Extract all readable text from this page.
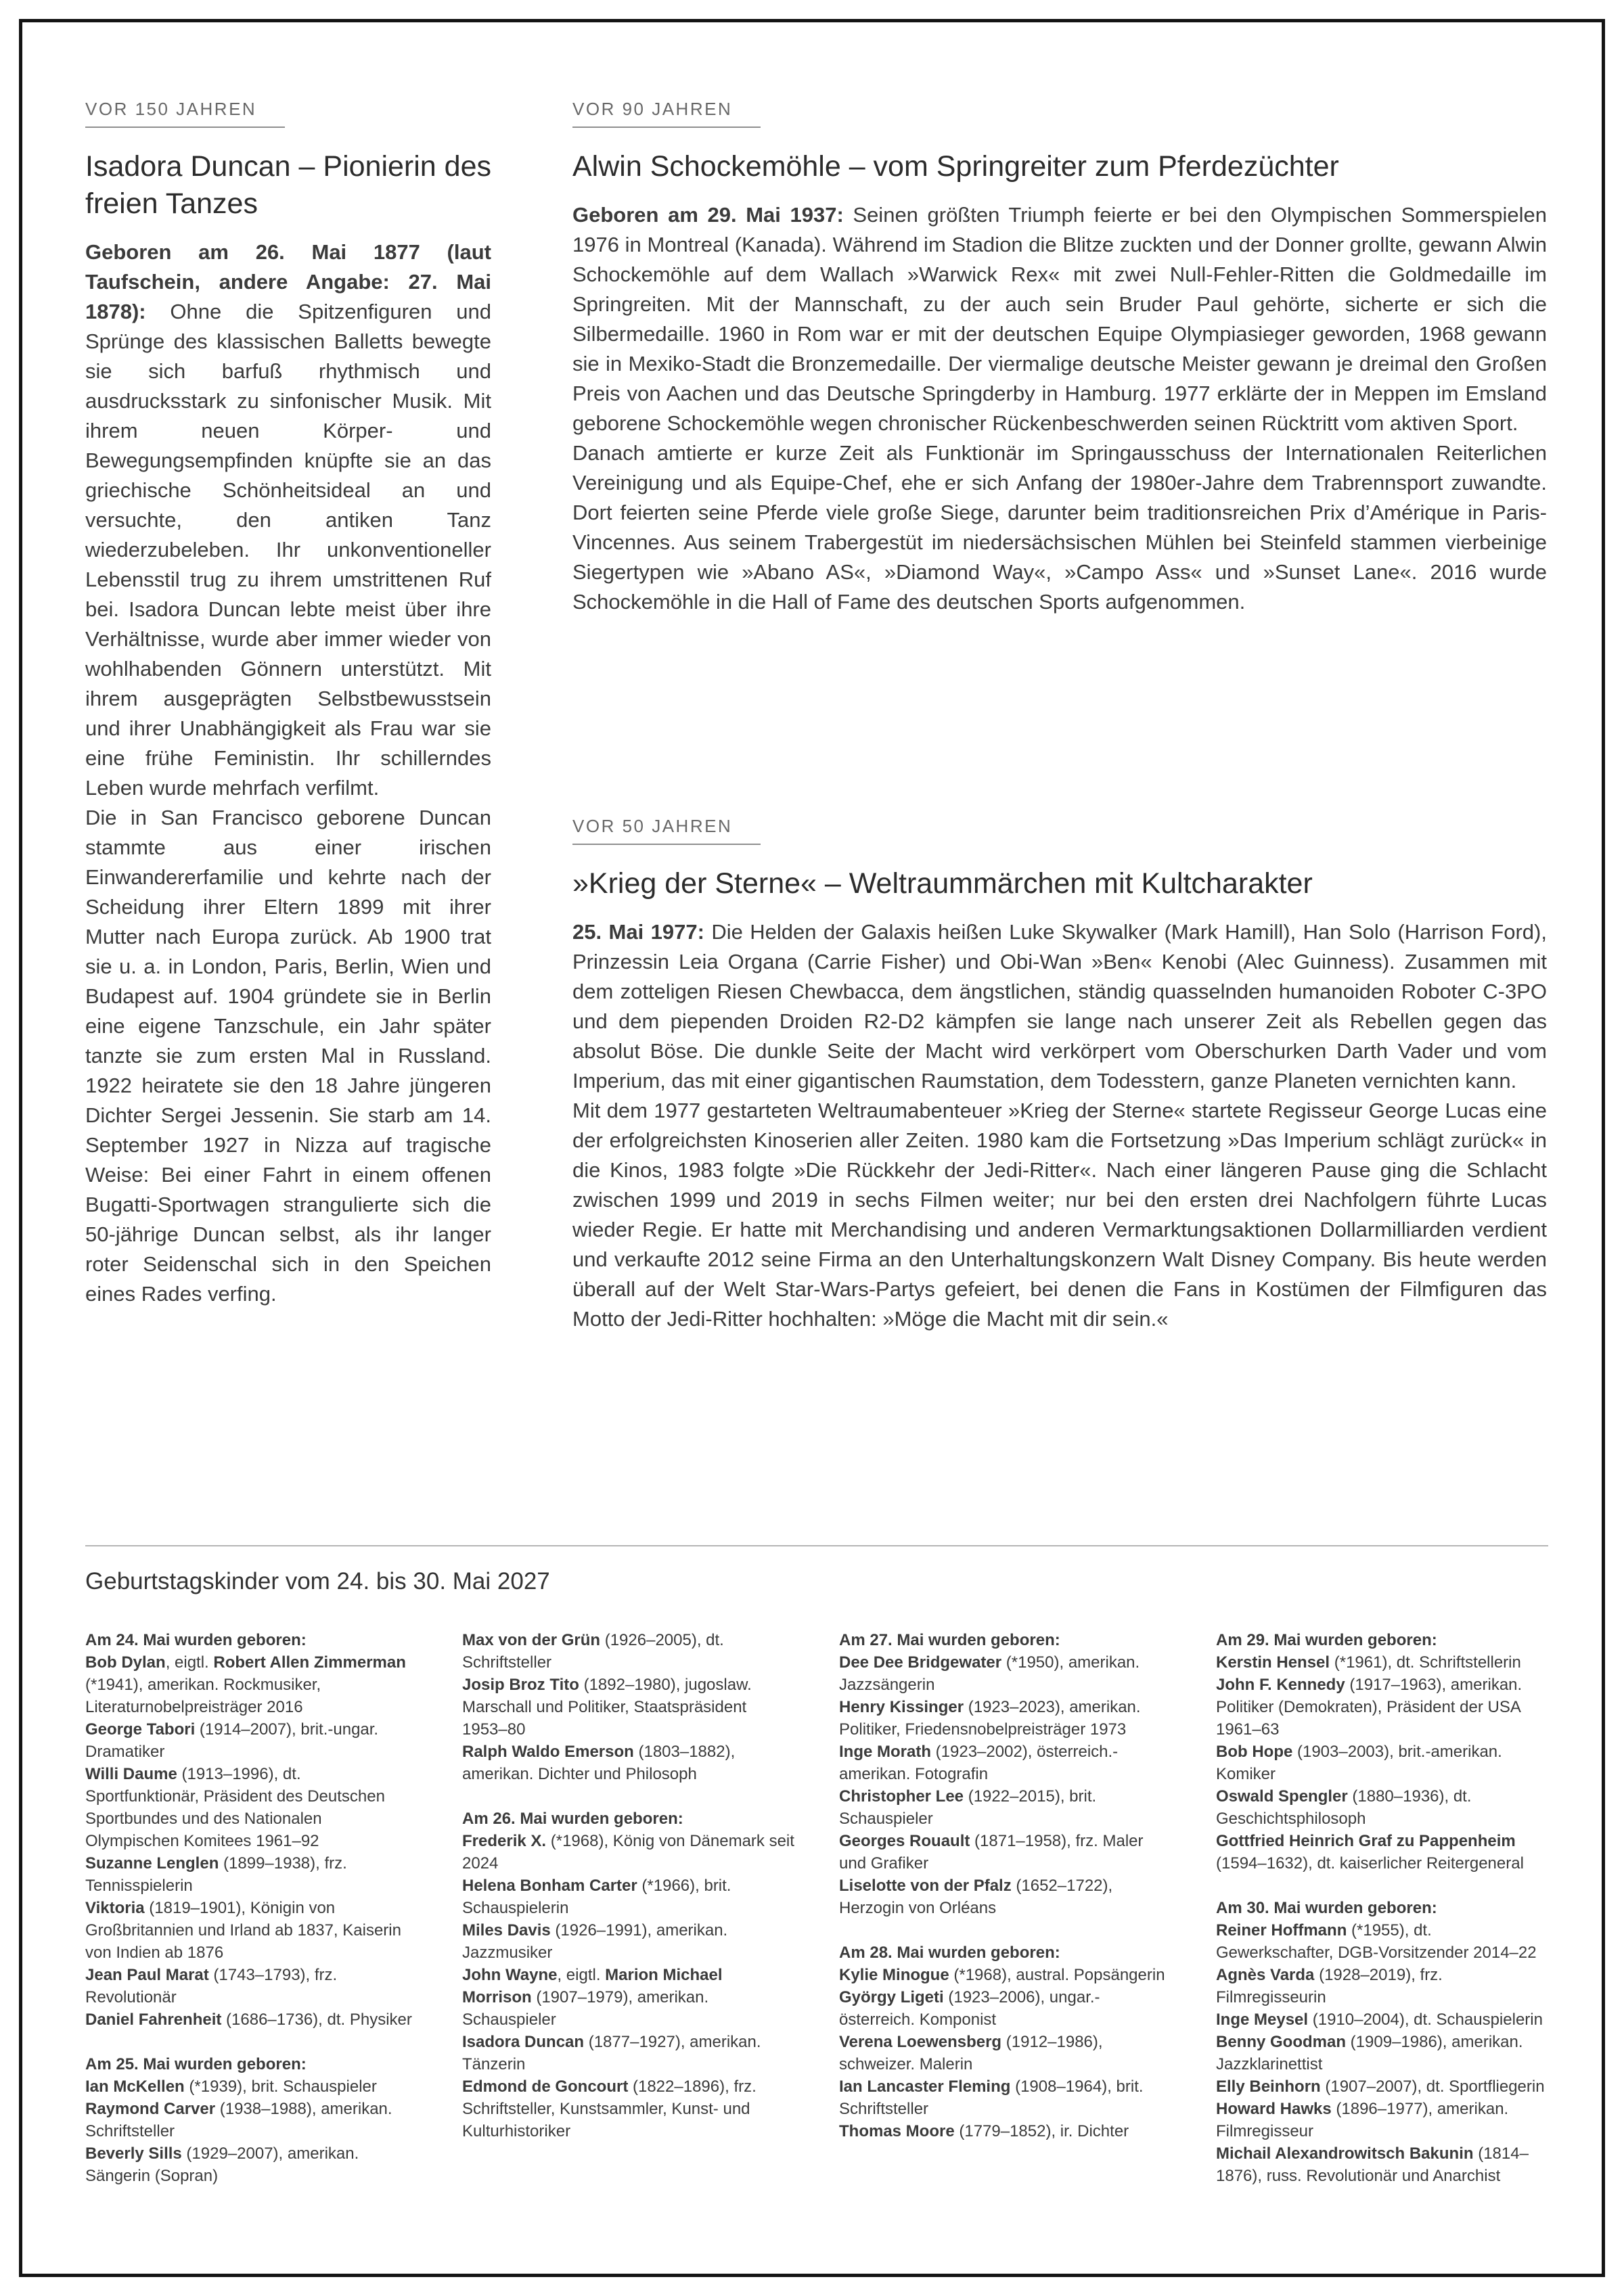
VOR 150 JAHREN
Isadora Duncan – Pionierin des freien Tanzes

Geboren am 26. Mai 1877 (laut Taufschein, andere Angabe: 27. Mai 1878): Ohne die Spitzenfiguren und Sprünge des klassischen Balletts bewegte sie sich barfuß rhythmisch und ausdrucksstark zu sinfonischer Musik. Mit ihrem neuen Körper- und Bewegungsempfinden knüpfte sie an das griechische Schönheitsideal an und versuchte, den antiken Tanz wiederzubeleben. Ihr unkonventioneller Lebensstil trug zu ihrem umstrittenen Ruf bei. Isadora Duncan lebte meist über ihre Verhältnisse, wurde aber immer wieder von wohlhabenden Gönnern unterstützt. Mit ihrem ausgeprägten Selbstbewusstsein und ihrer Unabhängigkeit als Frau war sie eine frühe Feministin. Ihr schillerndes Leben wurde mehrfach verfilmt.

Die in San Francisco geborene Duncan stammte aus einer irischen Einwandererfamilie und kehrte nach der Scheidung ihrer Eltern 1899 mit ihrer Mutter nach Europa zurück. Ab 1900 trat sie u. a. in London, Paris, Berlin, Wien und Budapest auf. 1904 gründete sie in Berlin eine eigene Tanzschule, ein Jahr später tanzte sie zum ersten Mal in Russland. 1922 heiratete sie den 18 Jahre jüngeren Dichter Sergei Jessenin. Sie starb am 14. September 1927 in Nizza auf tragische Weise: Bei einer Fahrt in einem offenen Bugatti-Sportwagen strangulierte sich die 50-jährige Duncan selbst, als ihr langer roter Seidenschal sich in den Speichen eines Rades verfing.

VOR 90 JAHREN
Alwin Schockemöhle – vom Springreiter zum Pferdezüchter

Geboren am 29. Mai 1937: Seinen größten Triumph feierte er bei den Olympischen Sommerspielen 1976 in Montreal (Kanada). Während im Stadion die Blitze zuckten und der Donner grollte, gewann Alwin Schockemöhle auf dem Wallach »Warwick Rex« mit zwei Null-Fehler-Ritten die Goldmedaille im Springreiten. Mit der Mannschaft, zu der auch sein Bruder Paul gehörte, sicherte er sich die Silbermedaille. 1960 in Rom war er mit der deutschen Equipe Olympiasieger geworden, 1968 gewann sie in Mexiko-Stadt die Bronzemedaille. Der viermalige deutsche Meister gewann je dreimal den Großen Preis von Aachen und das Deutsche Springderby in Hamburg. 1977 erklärte der in Meppen im Emsland geborene Schockemöhle wegen chronischer Rückenbeschwerden seinen Rücktritt vom aktiven Sport.

Danach amtierte er kurze Zeit als Funktionär im Springausschuss der Internationalen Reiterlichen Vereinigung und als Equipe-Chef, ehe er sich Anfang der 1980er-Jahre dem Trabrennsport zuwandte. Dort feierten seine Pferde viele große Siege, darunter beim traditionsreichen Prix d’Amérique in Paris-Vincennes. Aus seinem Trabergestüt im niedersächsischen Mühlen bei Steinfeld stammen vierbeinige Siegertypen wie »Abano AS«, »Diamond Way«, »Campo Ass« und »Sunset Lane«. 2016 wurde Schockemöhle in die Hall of Fame des deutschen Sports aufgenommen.

VOR 50 JAHREN
»Krieg der Sterne« – Weltraummärchen mit Kultcharakter

25. Mai 1977: Die Helden der Galaxis heißen Luke Skywalker (Mark Hamill), Han Solo (Harrison Ford), Prinzessin Leia Organa (Carrie Fisher) und Obi-Wan »Ben« Kenobi (Alec Guinness). Zusammen mit dem zotteligen Riesen Chewbacca, dem ängstlichen, ständig quasselnden humanoiden Roboter C-3PO und dem piependen Droiden R2-D2 kämpfen sie lange nach unserer Zeit als Rebellen gegen das absolut Böse. Die dunkle Seite der Macht wird verkörpert vom Oberschurken Darth Vader und vom Imperium, das mit einer gigantischen Raumstation, dem Todesstern, ganze Planeten vernichten kann.

Mit dem 1977 gestarteten Weltraumabenteuer »Krieg der Sterne« startete Regisseur George Lucas eine der erfolgreichsten Kinoserien aller Zeiten. 1980 kam die Fortsetzung »Das Imperium schlägt zurück« in die Kinos, 1983 folgte »Die Rückkehr der Jedi-Ritter«. Nach einer längeren Pause ging die Schlacht zwischen 1999 und 2019 in sechs Filmen weiter; nur bei den ersten drei Nachfolgern führte Lucas wieder Regie. Er hatte mit Merchandising und anderen Vermarktungsaktionen Dollarmilliarden verdient und verkaufte 2012 seine Firma an den Unterhaltungskonzern Walt Disney Company. Bis heute werden überall auf der Welt Star-Wars-Partys gefeiert, bei denen die Fans in Kostümen der Filmfiguren das Motto der Jedi-Ritter hochhalten: »Möge die Macht mit dir sein.«

Geburtstagskinder vom 24. bis 30. Mai 2027
Am 24. Mai wurden geboren:

Bob Dylan, eigtl. Robert Allen Zimmerman (*1941), amerikan. Rockmusiker, Literaturnobelpreisträger 2016

George Tabori (1914–2007), brit.-ungar. Dramatiker

Willi Daume (1913–1996), dt. Sportfunktionär, Präsident des Deutschen Sportbundes und des Nationalen Olympischen Komitees 1961–92

Suzanne Lenglen (1899–1938), frz. Tennisspielerin

Viktoria (1819–1901), Königin von Großbritannien und Irland ab 1837, Kaiserin von Indien ab 1876

Jean Paul Marat (1743–1793), frz. Revolutionär

Daniel Fahrenheit (1686–1736), dt. Physiker

Am 25. Mai wurden geboren:

Ian McKellen (*1939), brit. Schauspieler

Raymond Carver (1938–1988), amerikan. Schriftsteller

Beverly Sills (1929–2007), amerikan. Sängerin (Sopran)

Max von der Grün (1926–2005), dt. Schriftsteller

Josip Broz Tito (1892–1980), jugoslaw. Marschall und Politiker, Staatspräsident 1953–80

Ralph Waldo Emerson (1803–1882), amerikan. Dichter und Philosoph

Am 26. Mai wurden geboren:

Frederik X. (*1968), König von Dänemark seit 2024

Helena Bonham Carter (*1966), brit. Schauspielerin

Miles Davis (1926–1991), amerikan. Jazzmusiker

John Wayne, eigtl. Marion Michael Morrison (1907–1979), amerikan. Schauspieler

Isadora Duncan (1877–1927), amerikan. Tänzerin

Edmond de Goncourt (1822–1896), frz. Schriftsteller, Kunstsammler, Kunst- und Kulturhistoriker

Am 27. Mai wurden geboren:

Dee Dee Bridgewater (*1950), amerikan. Jazzsängerin

Henry Kissinger (1923–2023), amerikan. Politiker, Friedensnobelpreisträger 1973

Inge Morath (1923–2002), österreich.-amerikan. Fotografin

Christopher Lee (1922–2015), brit. Schauspieler

Georges Rouault (1871–1958), frz. Maler und Grafiker

Liselotte von der Pfalz (1652–1722), Herzogin von Orléans

Am 28. Mai wurden geboren:

Kylie Minogue (*1968), austral. Popsängerin

György Ligeti (1923–2006), ungar.-österreich. Komponist

Verena Loewensberg (1912–1986), schweizer. Malerin

Ian Lancaster Fleming (1908–1964), brit. Schriftsteller

Thomas Moore (1779–1852), ir. Dichter

Am 29. Mai wurden geboren:

Kerstin Hensel (*1961), dt. Schriftstellerin

John F. Kennedy (1917–1963), amerikan. Politiker (Demokraten), Präsident der USA 1961–63

Bob Hope (1903–2003), brit.-amerikan. Komiker

Oswald Spengler (1880–1936), dt. Geschichtsphilosoph

Gottfried Heinrich Graf zu Pappenheim (1594–1632), dt. kaiserlicher Reitergeneral

Am 30. Mai wurden geboren:

Reiner Hoffmann (*1955), dt. Gewerkschafter, DGB-Vorsitzender 2014–22

Agnès Varda (1928–2019), frz. Filmregisseurin

Inge Meysel (1910–2004), dt. Schauspielerin

Benny Goodman (1909–1986), amerikan. Jazzklarinettist

Elly Beinhorn (1907–2007), dt. Sportfliegerin

Howard Hawks (1896–1977), amerikan. Filmregisseur

Michail Alexandrowitsch Bakunin (1814–1876), russ. Revolutionär und Anarchist
